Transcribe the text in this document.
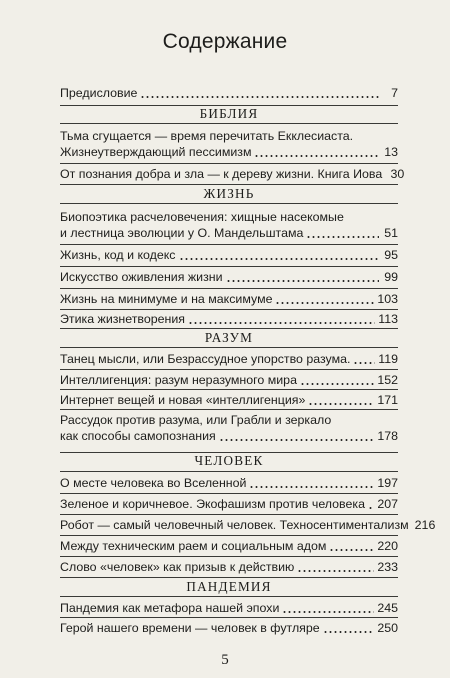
Содержание
Предисловие	7
БИБЛИЯ
Тьма сгущается — время перечитать Екклесиаста.
Жизнеутверждающий пессимизм	13
От познания добра и зла — к дереву жизни. Книга Иова 30
ЖИЗНЬ
Биопоэтика расчеловечения: хищные насекомые
и лестница эволюции у О. Мандельштама	51
Жизнь, код и кодекс	95
Искусство оживления жизни	99
Жизнь на минимуме и на максимуме	103
Этика жизнетворения	113
РАЗУМ
Танец мысли, или Безрассудное упорство разума. 119
Интеллигенция: разум неразумного мира	152
Интернет вещей и новая «интеллигенция»	171
Рассудок против разума, или Грабли и зеркало
как способы самопознания	178
ЧЕЛОВЕК
О месте человека во Вселенной	197
Зеленое и коричневое. Экофашизм против человека 207
Робот — самый человечный человек. Техносентиментализм 216
Между техническим раем и социальным адом	220
Слово «человек» как призыв к действию	233
ПАНДЕМИЯ
Пандемия как метафора нашей эпохи	245
Герой нашего времени — человек в футляре	250
5
